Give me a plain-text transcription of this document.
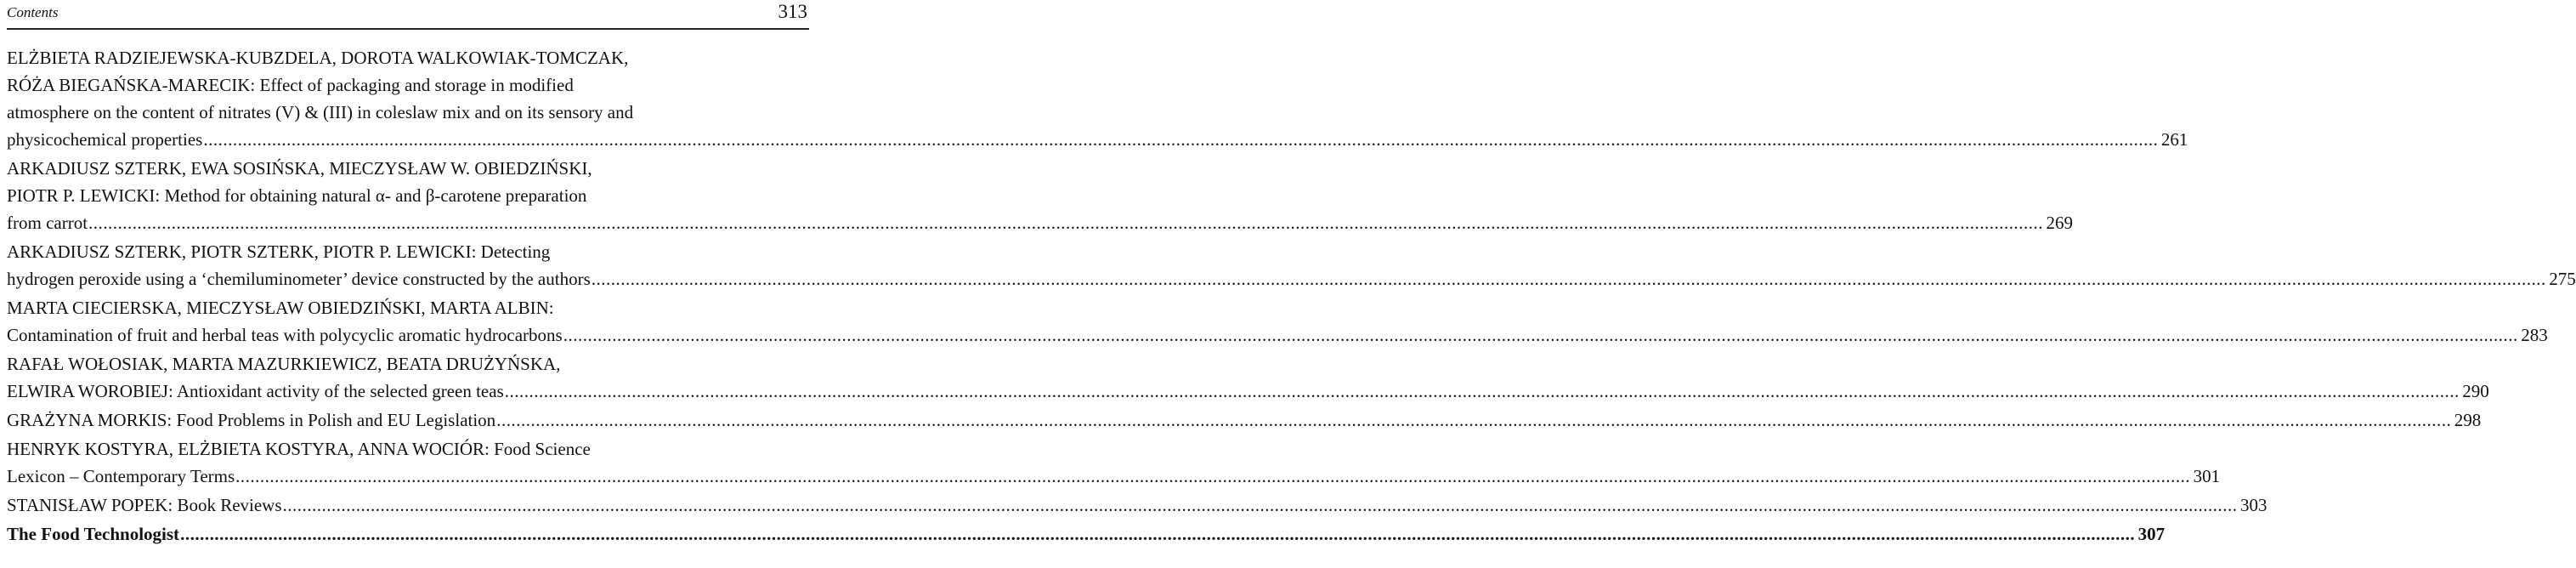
Contents	313
ELŻBIETA RADZIEJEWSKA-KUBZDELA, DOROTA WALKOWIAK-TOMCZAK,
RÓŻA BIEGAŃSKA-MARECIK: Effect of packaging and storage in modified
atmosphere on the content of nitrates (V) & (III) in coleslaw mix and on its sensory and
physicochemical properties ................................................................................................................................................................................................................................................................................................................................................................................................................ 261
ARKADIUSZ SZTERK, EWA SOSIŃSKA, MIECZYSŁAW W. OBIEDZIŃSKI,
PIOTR P. LEWICKI: Method for obtaining natural α- and β-carotene preparation
from carrot ................................................................................................................................................................................................................................................................................................................................................................................................................ 269
ARKADIUSZ SZTERK, PIOTR SZTERK, PIOTR P. LEWICKI: Detecting
hydrogen peroxide using a ‘chemiluminometer’ device constructed by the authors ................................................................................................................................................................................................................................................................................................................................................................................................................ 275
MARTA CIECIERSKA, MIECZYSŁAW OBIEDZIŃSKI, MARTA ALBIN:
Contamination of fruit and herbal teas with polycyclic aromatic hydrocarbons ................................................................................................................................................................................................................................................................................................................................................................................................................ 283
RAFAŁ WOŁOSIAK, MARTA MAZURKIEWICZ, BEATA DRUŻYŃSKA,
ELWIRA WOROBIEJ: Antioxidant activity of the selected green teas ................................................................................................................................................................................................................................................................................................................................................................................................................ 290
GRAŻYNA MORKIS: Food Problems in Polish and EU Legislation ................................................................................................................................................................................................................................................................................................................................................................................................................ 298
HENRYK KOSTYRA, ELŻBIETA KOSTYRA, ANNA WOCIÓR: Food Science
Lexicon – Contemporary Terms ................................................................................................................................................................................................................................................................................................................................................................................................................ 301
STANISŁAW POPEK: Book Reviews ................................................................................................................................................................................................................................................................................................................................................................................................................ 303
The Food Technologist ................................................................................................................................................................................................................................................................................................................................................................................................................ 307
